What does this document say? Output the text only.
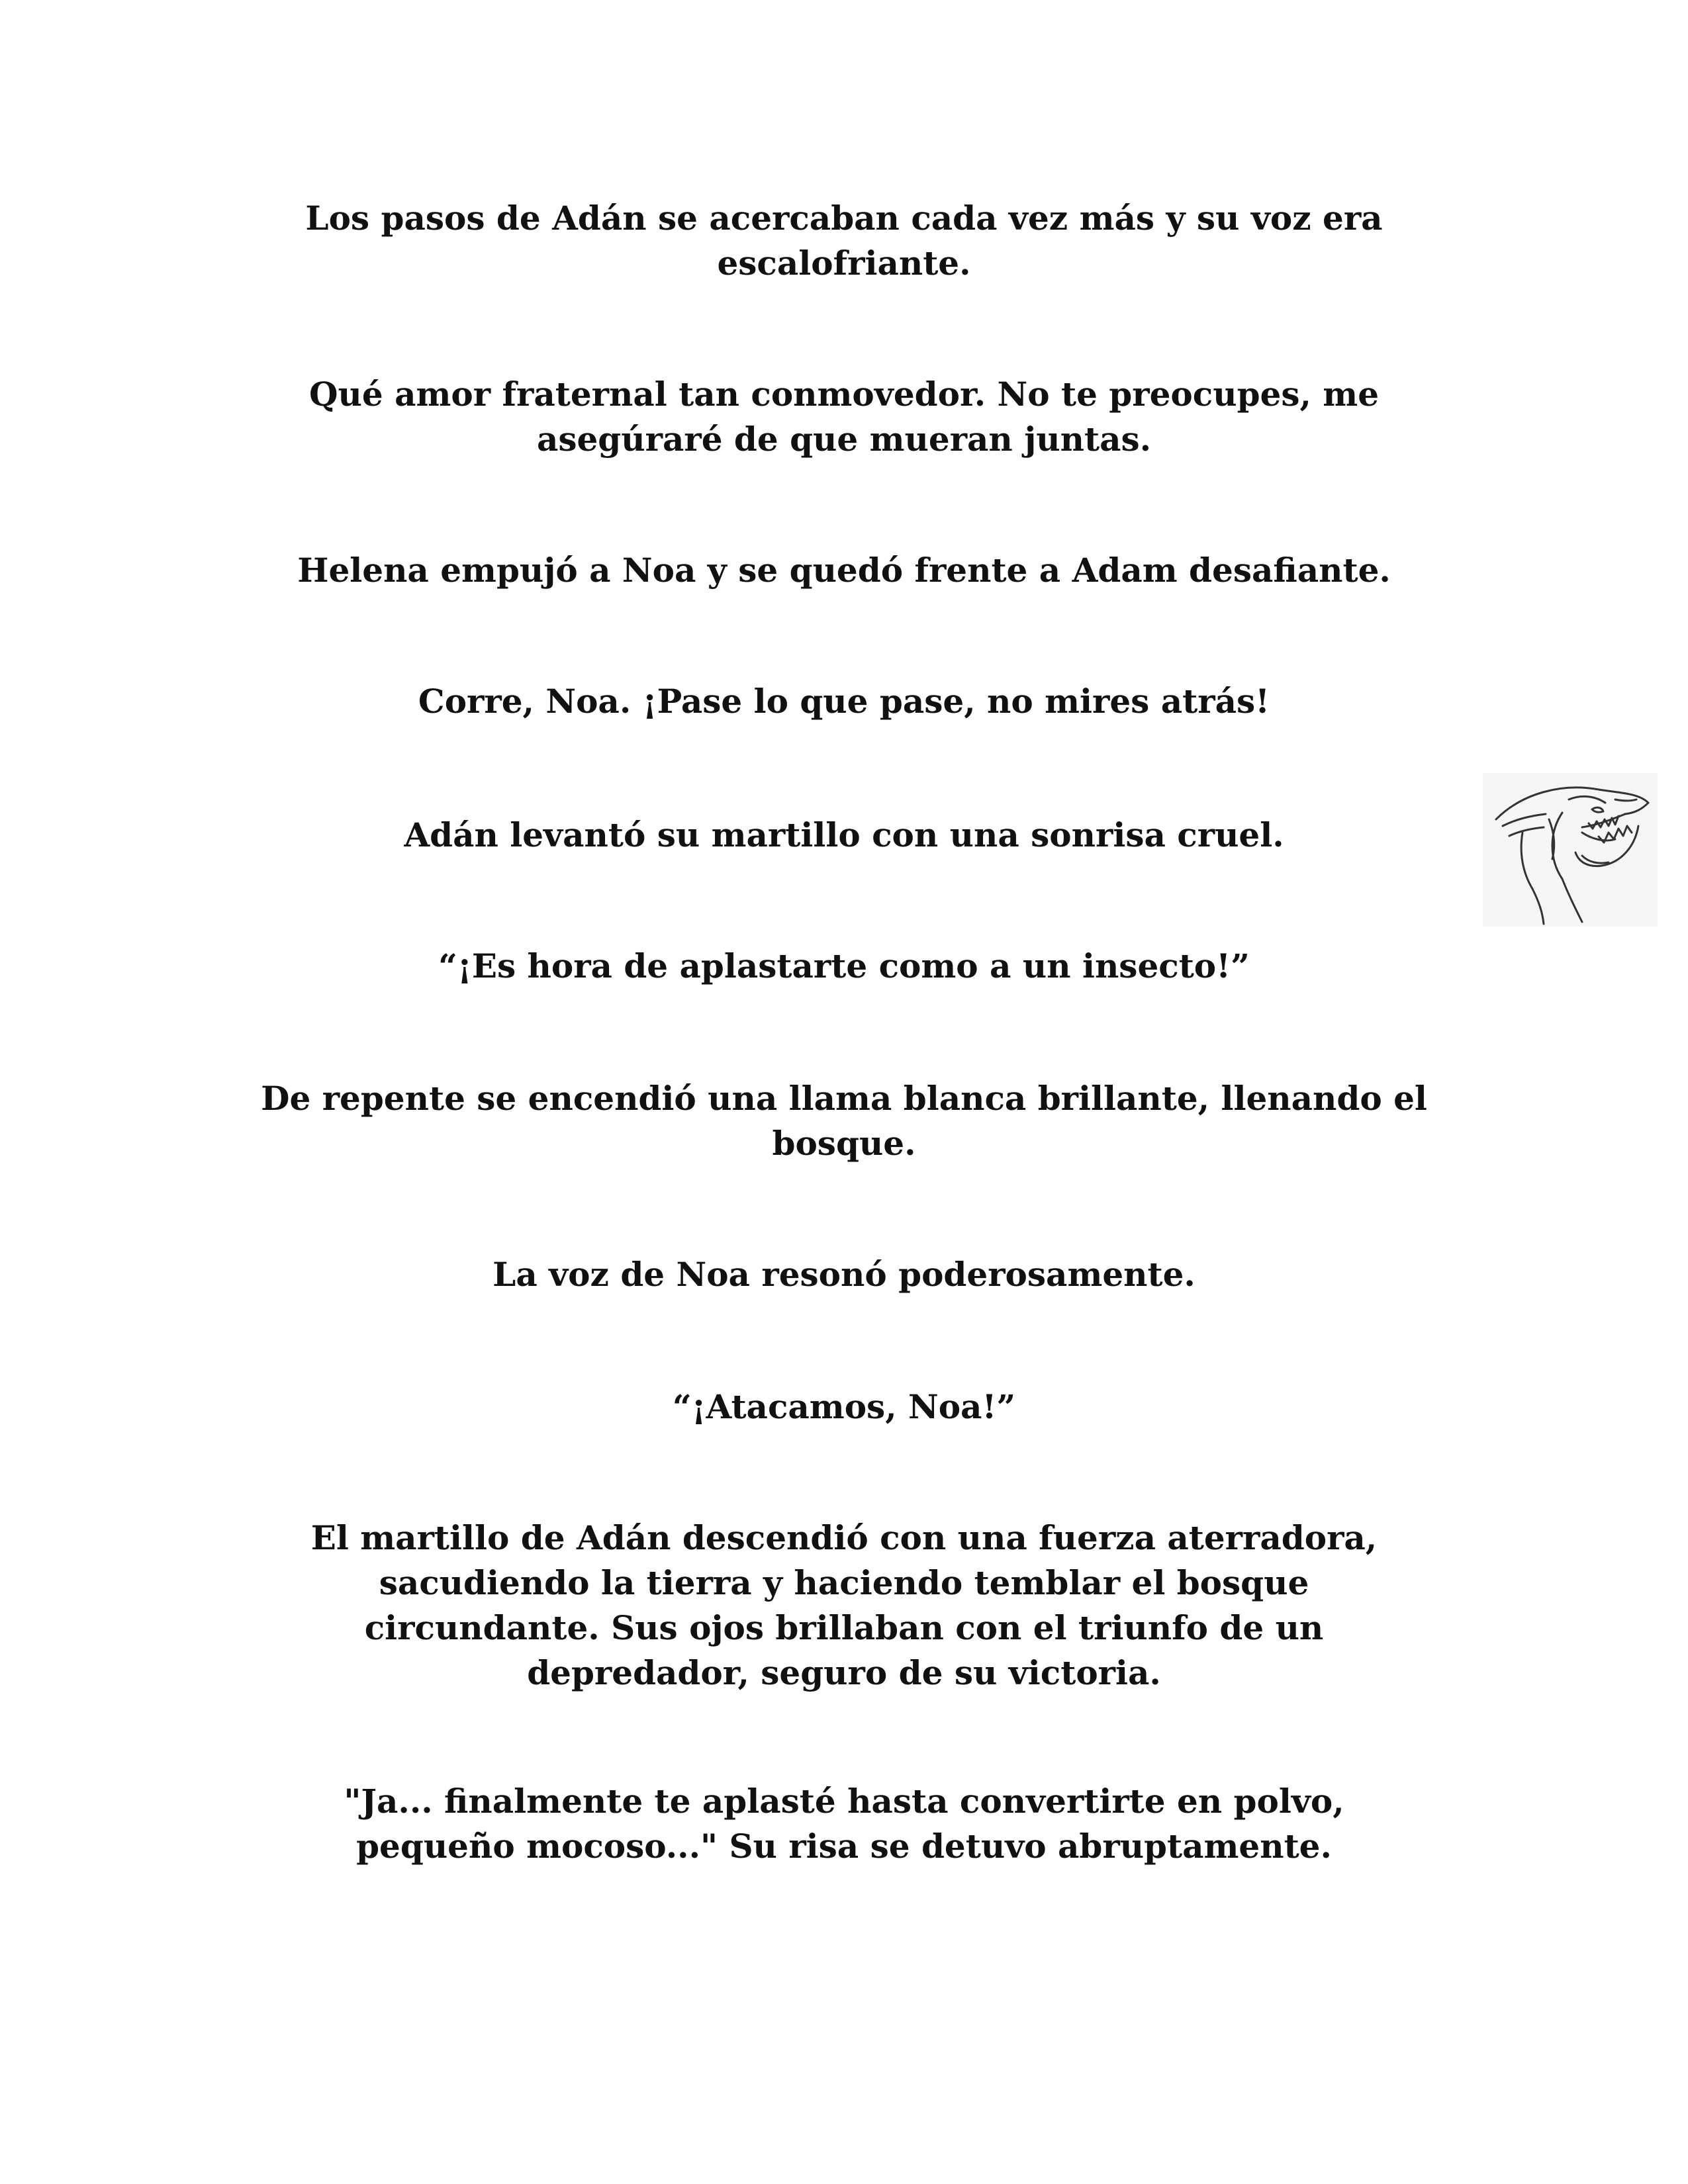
Los pasos de Adán se acercaban cada vez más y su voz era
escalofriante.

Qué amor fraternal tan conmovedor. No te preocupes, me
asegúraré de que mueran juntas.

Helena empujó a Noa y se quedó frente a Adam desafiante.

Corre, Noa. ¡Pase lo que pase, no mires atrás!

Adán levantó su martillo con una sonrisa cruel.

“¡Es hora de aplastarte como a un insecto!”

De repente se encendió una llama blanca brillante, llenando el
bosque.

La voz de Noa resonó poderosamente.

“¡Atacamos, Noa!”

El martillo de Adán descendió con una fuerza aterradora,
sacudiendo la tierra y haciendo temblar el bosque
circundante. Sus ojos brillaban con el triunfo de un
depredador, seguro de su victoria.

"Ja... finalmente te aplasté hasta convertirte en polvo,
pequeño mocoso..." Su risa se detuvo abruptamente.
